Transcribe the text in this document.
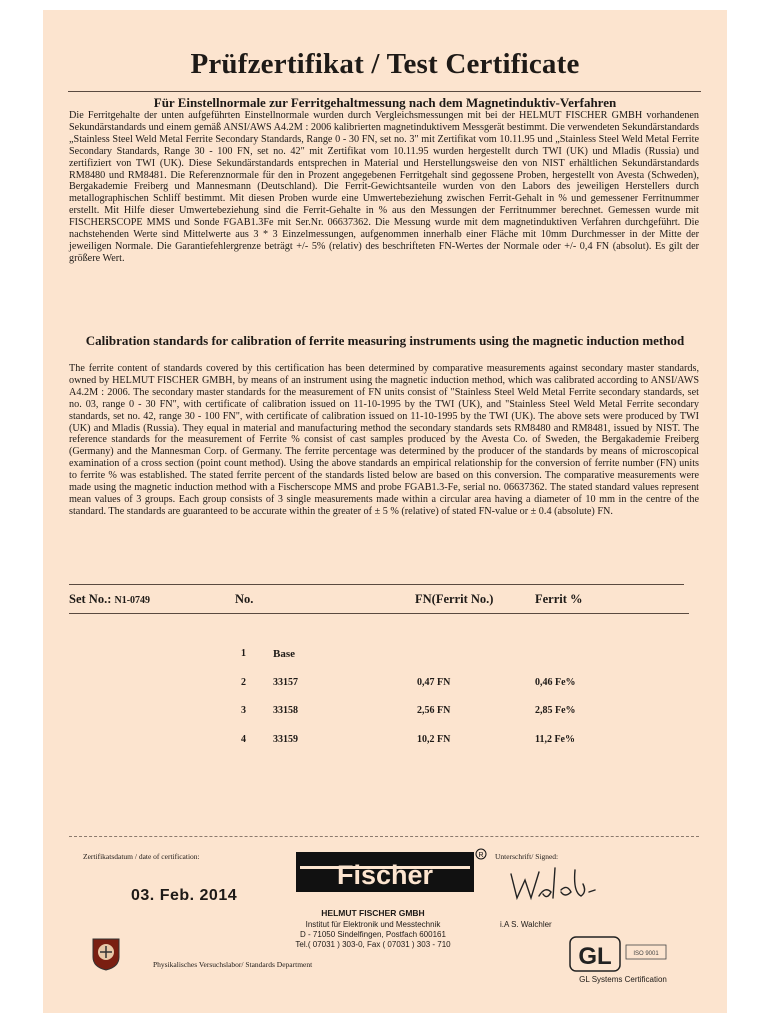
Prüfzertifikat / Test Certificate
Für Einstellnormale zur Ferritgehaltmessung nach dem Magnetinduktiv-Verfahren

Die Ferritgehalte der unten aufgeführten Einstellnormale wurden durch Vergleichsmessungen mit bei der HELMUT FISCHER GMBH vorhandenen Sekundärstandards und einem gemäß ANSI/AWS A4.2M : 2006 kalibrierten magnetinduktivem Messgerät bestimmt. Die verwendeten Sekundärstandards „Stainless Steel Weld Metal Ferrite Secondary Standards, Range 0 - 30 FN, set no. 3" mit Zertifikat vom 10.11.95 und „Stainless Steel Weld Metal Ferrite Secondary Standards, Range 30 - 100 FN, set no. 42" mit Zertifikat vom 10.11.95 wurden hergestellt durch TWI (UK) und Mladis (Russia) und zertifiziert von TWI (UK). Diese Sekundärstandards entsprechen in Material und Herstellungsweise den von NIST erhältlichen Sekundärstandards RM8480 und RM8481. Die Referenznormale für den in Prozent angegebenen Ferritgehalt sind gegossene Proben, hergestellt von Avesta (Schweden), Bergakademie Freiberg und Mannesmann (Deutschland). Die Ferrit-Gewichtsanteile wurden von den Labors des jeweiligen Herstellers durch metallographischen Schliff bestimmt. Mit diesen Proben wurde eine Umwertebeziehung zwischen Ferrit-Gehalt in % und gemessener Ferritnummer erstellt. Mit Hilfe dieser Umwertebeziehung sind die Ferrit-Gehalte in % aus den Messungen der Ferritnummer berechnet. Gemessen wurde mit FISCHERSCOPE MMS und Sonde FGAB1.3Fe mit Ser.Nr. 06637362. Die Messung wurde mit dem magnetinduktiven Verfahren durchgeführt. Die nachstehenden Werte sind Mittelwerte aus 3 * 3 Einzelmessungen, aufgenommen innerhalb einer Fläche mit 10mm Durchmesser in der Mitte der jeweiligen Normale. Die Garantiefehlergrenze beträgt +/- 5% (relativ) des beschrifteten FN-Wertes der Normale oder +/- 0,4 FN (absolut). Es gilt der größere Wert.

Calibration standards for calibration of ferrite measuring instruments using the magnetic induction method

The ferrite content of standards covered by this certification has been determined by comparative measurements against secondary master standards, owned by HELMUT FISCHER GMBH, by means of an instrument using the magnetic induction method, which was calibrated according to ANSI/AWS A4.2M : 2006. The secondary master standards for the measurement of FN units consist of "Stainless Steel Weld Metal Ferrite secondary standards, set no. 03, range 0 - 30 FN", with certificate of calibration issued on 11-10-1995 by the TWI (UK), and "Stainless Steel Weld Metal Ferrite secondary standards, set no. 42, range 30 - 100 FN", with certificate of calibration issued on 11-10-1995 by the TWI (UK). The above sets were produced by TWI (UK) and Mladis (Russia). They equal in material and manufacturing method the secondary standards sets RM8480 and RM8481, issued by NIST. The reference standards for the measurement of Ferrite % consist of cast samples produced by the Avesta Co. of Sweden, the Bergakademie Freiberg (Germany) and the Mannesman Corp. of Germany. The ferrite percentage was determined by the producer of the standards by means of microscopical examination of a cross section (point count method). Using the above standards an empirical relationship for the conversion of ferrite number (FN) units to ferrite % was established. The stated ferrite percent of the standards listed below are based on this conversion. The comparative measurements were made using the magnetic induction method with a Fischerscope MMS and probe FGAB1.3-Fe, serial no. 06637362. The stated standard values represent mean values of 3 groups. Each group consists of 3 single measurements made within a circular area having a diameter of 10 mm in the centre of the standard. The standards are guaranteed to be accurate within the greater of ± 5 % (relative) of stated FN-value or ± 0.4 (absolute) FN.

Set No.: N1-0749	No.	FN(Ferrit No.)	Ferrit %
1 Base
2	33157	0,47 FN	0,46 Fe%
3	33158	2,56 FN	2,85 Fe%
4	33159	10,2 FN	11,2 Fe%
Zertifikatsdatum / date of certification:	Unterschrift/ Signed:
03. Feb. 2014
Fischer
R
HELMUT FISCHER GMBH
Institut für Elektronik und Messtechnik
D - 71050 Sindelfingen, Postfach 600161
Tel.( 07031 ) 303-0, Fax ( 07031 ) 303 - 710
i.A S. Walchler
Physikalisches Versuchslabor/ Standards Department	GL	ISO 9001
GL Systems Certification
